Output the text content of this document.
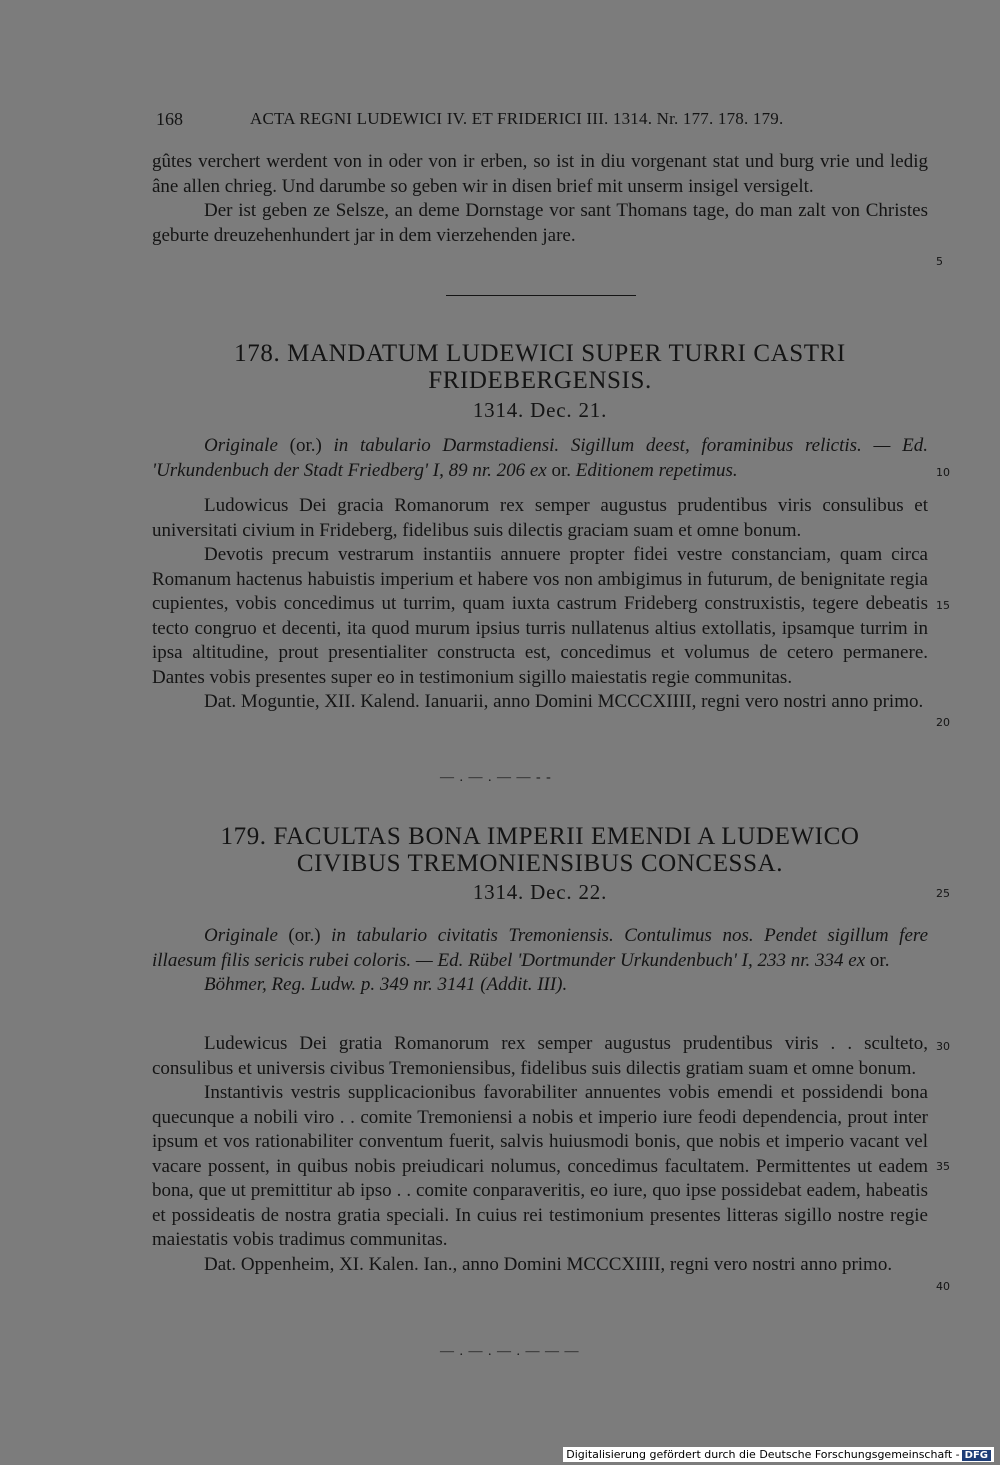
168	ACTA REGNI LUDEWICI IV. ET FRIDERICI III. 1314. Nr. 177. 178. 179.

gûtes verchert werdent von in oder von ir erben, so ist in diu vorgenant stat und burg vrie und ledig âne allen chrieg. Und darumbe so geben wir in disen brief mit unserm insigel versigelt.

Der ist geben ze Selsze, an deme Dornstage vor sant Thomans tage, do man zalt von Christes geburte dreuzehenhundert jar in dem vierzehenden jare.

5
178. MANDATUM LUDEWICI SUPER TURRI CASTRI
FRIDEBERGENSIS.
1314. Dec. 21.

Originale (or.) in tabulario Darmstadiensi. Sigillum deest, foraminibus relictis. — Ed. 'Urkundenbuch der Stadt Friedberg' I, 89 nr. 206 ex or. Editionem repetimus.	10

Ludowicus Dei gracia Romanorum rex semper augustus prudentibus viris consulibus et universitati civium in Frideberg, fidelibus suis dilectis graciam suam et omne bonum.

Devotis precum vestrarum instantiis annuere propter fidei vestre constanciam, quam circa Romanum hactenus habuistis imperium et habere vos non ambigimus in futurum, de benignitate regia cupientes, vobis concedimus ut turrim, quam iuxta castrum Frideberg construxistis, tegere debeatis tecto congruo et decenti, ita quod murum ipsius turris nullatenus altius extollatis, ipsamque turrim in ipsa altitudine, prout presentialiter constructa est, concedimus et volumus de cetero permanere. Dantes vobis presentes super eo in testimonium sigillo maiestatis regie communitas.

Dat. Moguntie, XII. Kalend. Ianuarii, anno Domini MCCCXIIII, regni vero nostri anno primo.

15
20
— . — . — — - -
179. FACULTAS BONA IMPERII EMENDI A LUDEWICO
CIVIBUS TREMONIENSIBUS CONCESSA.
1314. Dec. 22.	25

Originale (or.) in tabulario civitatis Tremoniensis. Contulimus nos. Pendet sigillum fere illaesum filis sericis rubei coloris. — Ed. Rübel 'Dortmunder Urkundenbuch' I, 233 nr. 334 ex or.

Böhmer, Reg. Ludw. p. 349 nr. 3141 (Addit. III).

Ludewicus Dei gratia Romanorum rex semper augustus prudentibus viris . . sculteto, consulibus et universis civibus Tremoniensibus, fidelibus suis dilectis gratiam suam et omne bonum.

Instantivis vestris supplicacionibus favorabiliter annuentes vobis emendi et possidendi bona quecunque a nobili viro . . comite Tremoniensi a nobis et imperio iure feodi dependencia, prout inter ipsum et vos rationabiliter conventum fuerit, salvis huiusmodi bonis, que nobis et imperio vacant vel vacare possent, in quibus nobis preiudicari nolumus, concedimus facultatem. Permittentes ut eadem bona, que ut premittitur ab ipso . . comite conparaveritis, eo iure, quo ipse possidebat eadem, habeatis et possideatis de nostra gratia speciali. In cuius rei testimonium presentes litteras sigillo nostre regie maiestatis vobis tradimus communitas.

Dat. Oppenheim, XI. Kalen. Ian., anno Domini MCCCXIIII, regni vero nostri anno primo.

30
35
40
— . — . — . — — —
Digitalisierung gefördert durch die Deutsche Forschungsgemeinschaft - DFG
